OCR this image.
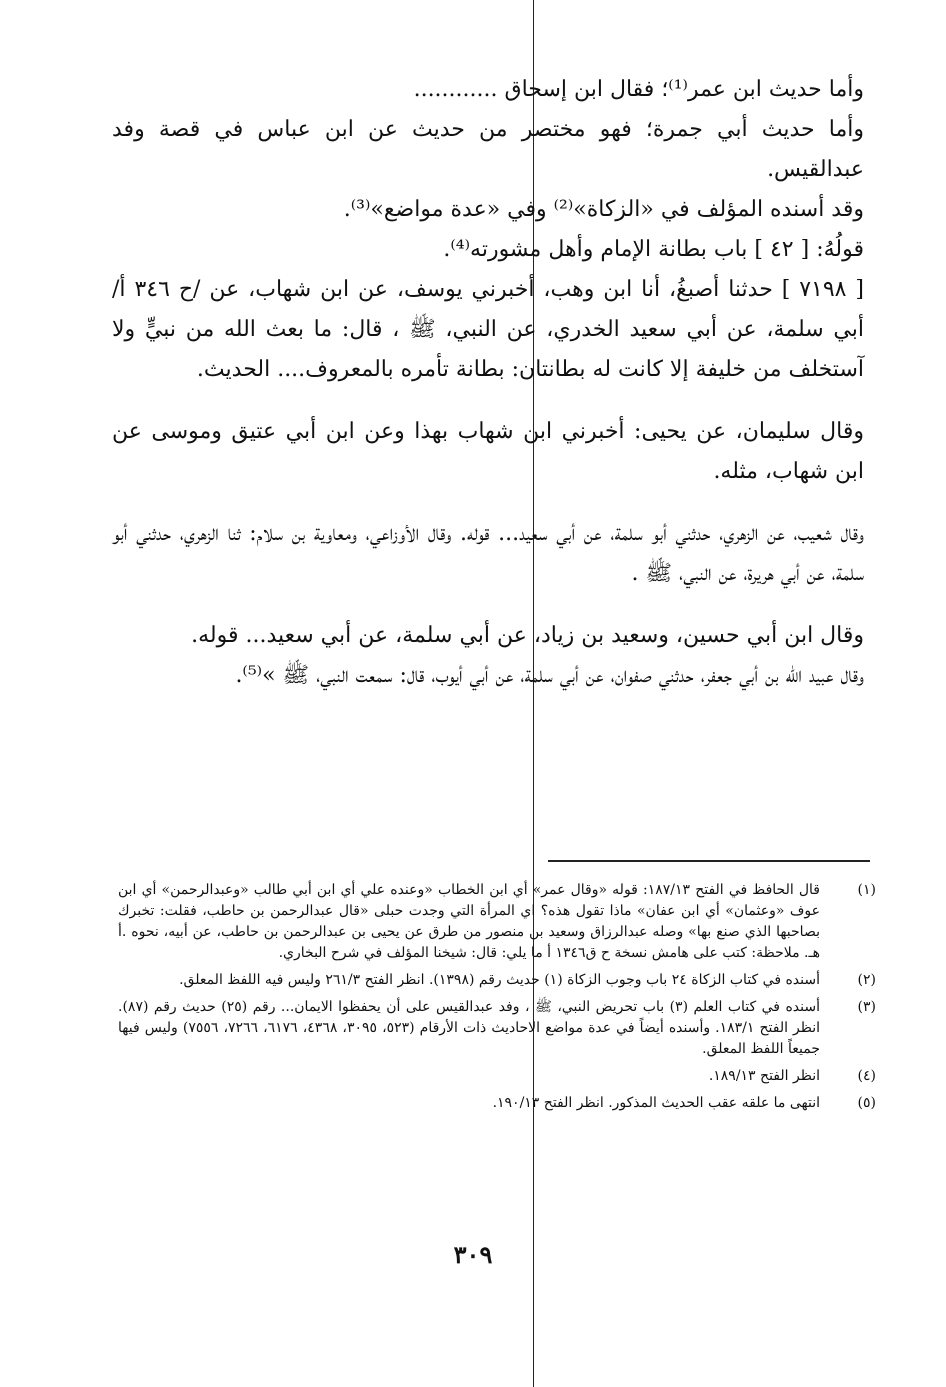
وأما حديث ابن عمر⁽¹⁾؛ فقال ابن إسحاق ............

وأما حديث أبي جمرة؛ فهو مختصر من حديث عن ابن عباس في قصة وفد عبدالقيس.

وقد أسنده المؤلف في «الزكاة»⁽²⁾ وفي «عدة مواضع»⁽³⁾.

قولُهُ: [ ٤٢ ] باب بطانة الإمام وأهل مشورته⁽⁴⁾.

[ ٧١٩٨ ] حدثنا أصبغُ، أنا ابن وهب، أخبرني يوسف، عن ابن شهاب، عن /ح ٣٤٦ أ/ أبي سلمة، عن أبي سعيد الخدري، عن النبي، ﷺ ، قال: ما بعث الله من نبيٍّ ولا آستخلف من خليفة إلا كانت له بطانتان: بطانة تأمره بالمعروف.... الحديث.

وقال سليمان، عن يحيى: أخبرني ابن شهاب بهذا وعن ابن أبي عتيق وموسى عن ابن شهاب، مثله.

وقال شعيب، عن الزهري، حدثني أبو سلمة، عن أبي سعيد... قوله. وقال الأوزاعي، ومعاوية بن سلام: ثنا الزهري، حدثني أبو سلمة، عن أبي هريرة، عن النبي، ﷺ .

وقال ابن أبي حسين، وسعيد بن زياد، عن أبي سلمة، عن أبي سعيد... قوله.

وقال عبيد الله بن أبي جعفر، حدثني صفوان، عن أبي سلمة، عن أبي أيوب، قال: سمعت النبي، ﷺ »⁽⁵⁾.

(١)
قال الحافظ في الفتح ١٨٧/١٣: قوله «وقال عمر» أي ابن الخطاب «وعنده علي أي ابن أبي طالب «وعبدالرحمن» أي ابن عوف «وعثمان» أي ابن عفان» ماذا تقول هذه؟ اي المرأة التي وجدت حبلى «قال عبدالرحمن بن حاطب، فقلت: تخبرك بصاحبها الذي صنع بها» وصله عبدالرزاق وسعيد بن منصور من طرق عن يحيى بن عبدالرحمن بن حاطب، عن أبيه، نحوه .أ هـ. ملاحظة: كتب على هامش نسخة ح ق١٣٤٦ أ ما يلي: قال: شيخنا المؤلف في شرح البخاري.
(٢)
أسنده في كتاب الزكاة ٢٤ باب وجوب الزكاة (١) حديث رقم (١٣٩٨). انظر الفتح ٢٦١/٣ وليس فيه اللفظ المعلق.
(٣)
أسنده في كتاب العلم (٣) باب تحريض النبي، ﷺ ، وفد عبدالقيس على أن يحفظوا الايمان... رقم (٢٥) حديث رقم (٨٧). انظر الفتح ١٨٣/١. وأسنده أيضاً في عدة مواضع الاحاديث ذات الأرقام (٥٢٣، ٣٠٩٥، ٤٣٦٨، ٦١٧٦، ٧٢٦٦، ٧٥٥٦) وليس فيها جميعاً اللفظ المعلق.
(٤)
انظر الفتح ١٨٩/١٣.
(٥)
انتهى ما علقه عقب الحديث المذكور. انظر الفتح ١٩٠/١٣.
٣٠٩
